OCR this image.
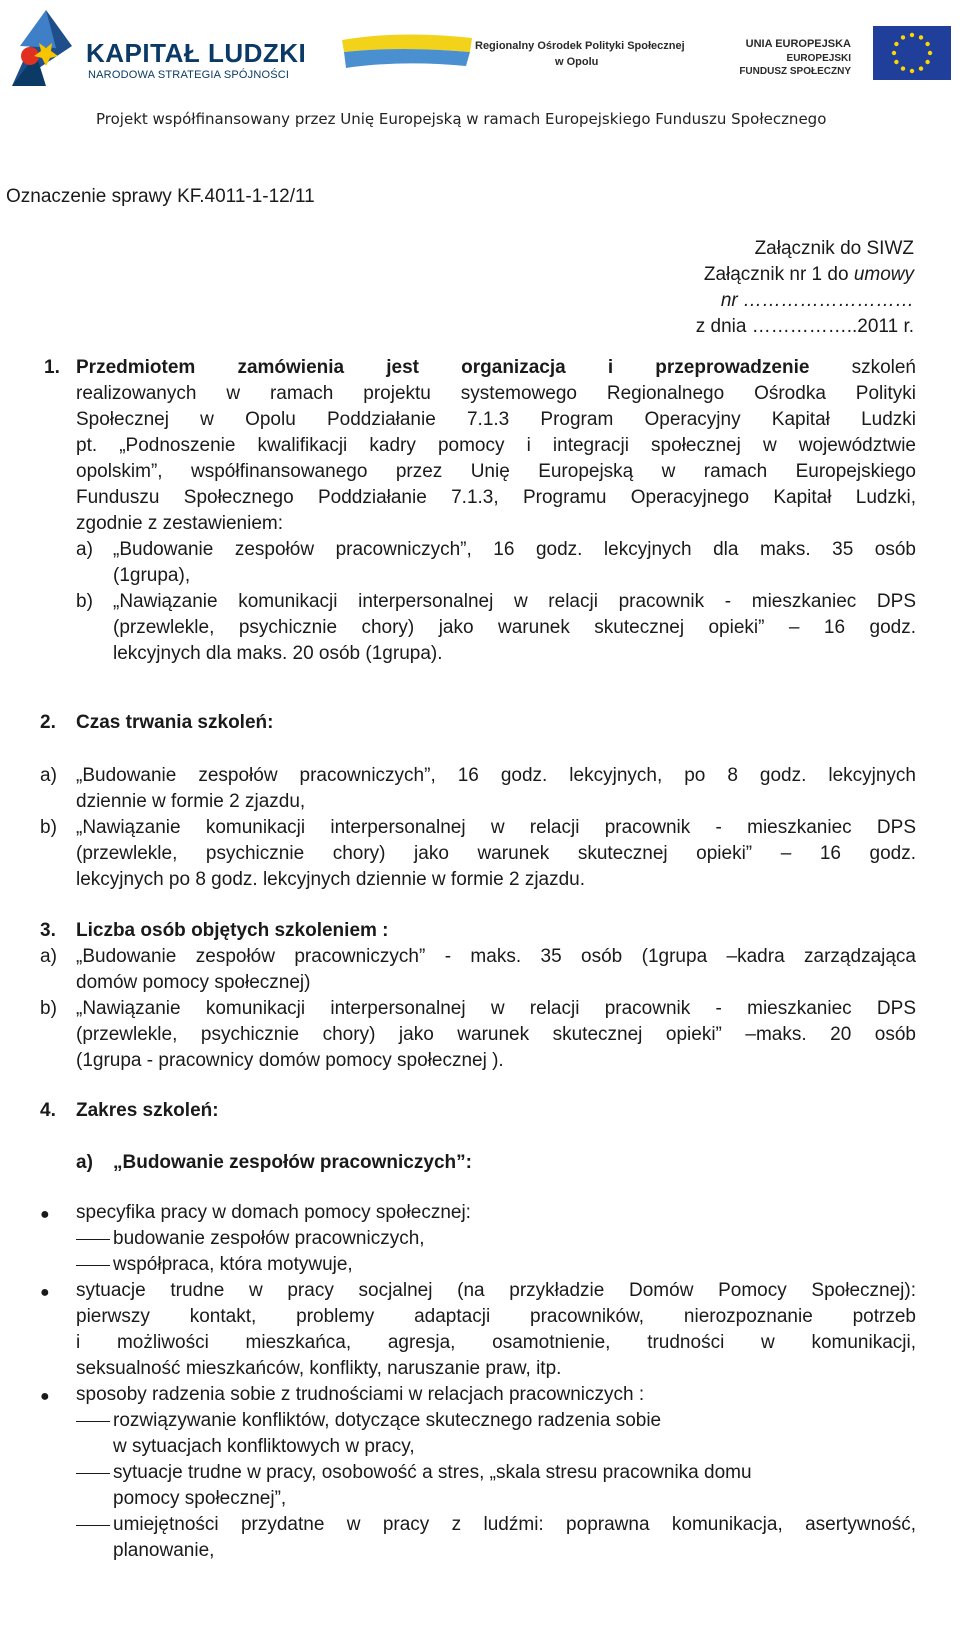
KAPITAŁ LUDZKI
NARODOWA STRATEGIA SPÓJNOŚCI
Regionalny Ośrodek Polityki Społecznej
w Opolu
UNIA EUROPEJSKA
EUROPEJSKI
FUNDUSZ SPOŁECZNY
Projekt współfinansowany przez Unię Europejską w ramach Europejskiego Funduszu Społecznego
Oznaczenie sprawy KF.4011-1-12/11
Załącznik do SIWZ
Załącznik nr 1 do umowy
nr ………………………
z dnia ……………..2011 r.
1. Przedmiotem zamówienia jest organizacja i przeprowadzenie szkoleń
realizowanych w ramach projektu systemowego Regionalnego Ośrodka Polityki
Społecznej w Opolu Poddziałanie 7.1.3 Program Operacyjny Kapitał Ludzki
pt. „Podnoszenie kwalifikacji kadry pomocy i integracji społecznej w województwie
opolskim”, współfinansowanego przez Unię Europejską w ramach Europejskiego
Funduszu Społecznego Poddziałanie 7.1.3, Programu Operacyjnego Kapitał Ludzki,
zgodnie z zestawieniem:
a) „Budowanie zespołów pracowniczych”, 16 godz. lekcyjnych dla maks. 35 osób
(1grupa),
b) „Nawiązanie komunikacji interpersonalnej w relacji pracownik - mieszkaniec DPS
(przewlekle, psychicznie chory) jako warunek skutecznej opieki” – 16 godz.
lekcyjnych dla maks. 20 osób (1grupa).
2. Czas trwania szkoleń:
a) „Budowanie zespołów pracowniczych”, 16 godz. lekcyjnych, po 8 godz. lekcyjnych
dziennie w formie 2 zjazdu,
b) „Nawiązanie komunikacji interpersonalnej w relacji pracownik - mieszkaniec DPS
(przewlekle, psychicznie chory) jako warunek skutecznej opieki” – 16 godz.
lekcyjnych po 8 godz. lekcyjnych dziennie w formie 2 zjazdu.
3. Liczba osób objętych szkoleniem :
a) „Budowanie zespołów pracowniczych” - maks. 35 osób (1grupa –kadra zarządzająca
domów pomocy społecznej)
b) „Nawiązanie komunikacji interpersonalnej w relacji pracownik - mieszkaniec DPS
(przewlekle, psychicznie chory) jako warunek skutecznej opieki” –maks. 20 osób
(1grupa - pracownicy domów pomocy społecznej ).
4. Zakres szkoleń:
a) „Budowanie zespołów pracowniczych”:
● specyfika pracy w domach pomocy społecznej:
budowanie zespołów pracowniczych,
współpraca, która motywuje,
● sytuacje trudne w pracy socjalnej (na przykładzie Domów Pomocy Społecznej):
pierwszy kontakt, problemy adaptacji pracowników, nierozpoznanie potrzeb
i możliwości mieszkańca, agresja, osamotnienie, trudności w komunikacji,
seksualność mieszkańców, konflikty, naruszanie praw, itp.
● sposoby radzenia sobie z trudnościami w relacjach pracowniczych :
rozwiązywanie konfliktów, dotyczące skutecznego radzenia sobie
w sytuacjach konfliktowych w pracy,
sytuacje trudne w pracy, osobowość a stres, „skala stresu pracownika domu
pomocy społecznej”,
umiejętności przydatne w pracy z ludźmi: poprawna komunikacja, asertywność,
planowanie,
